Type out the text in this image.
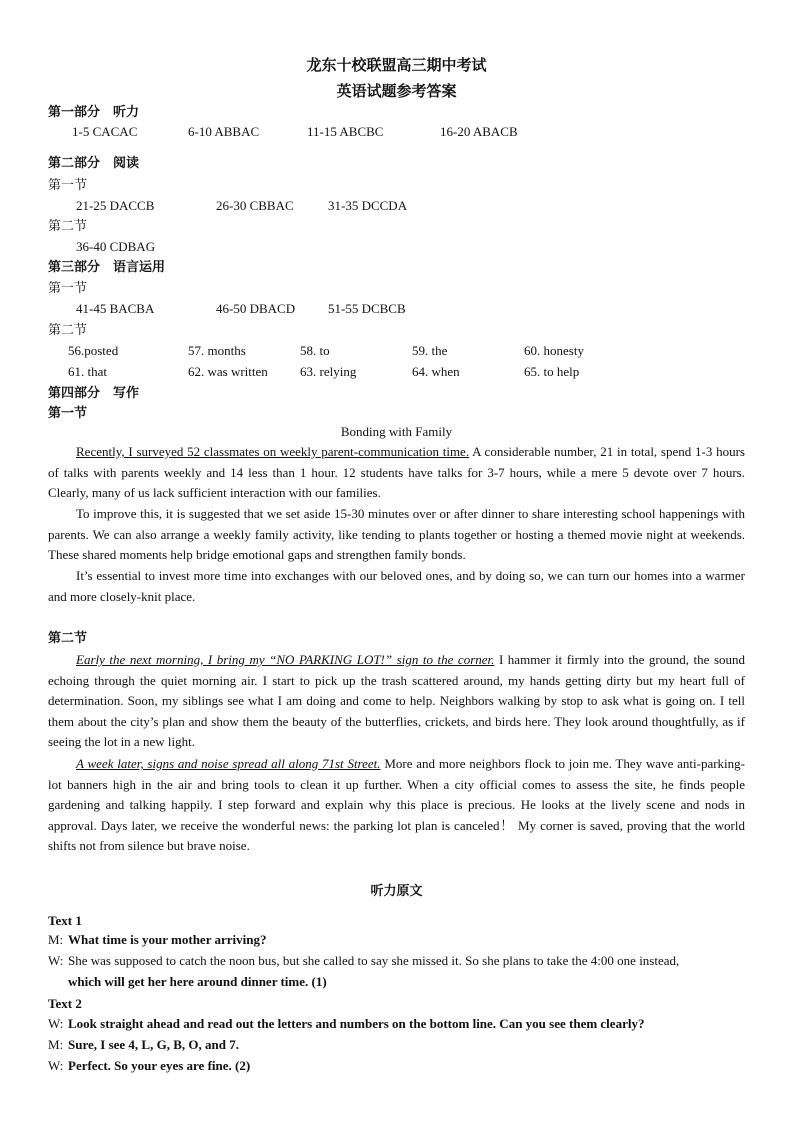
龙东十校联盟高三期中考试
英语试题参考答案
第一部分　听力
1-5 CACAC	6-10 ABBAC	11-15 ABCBC	16-20 ABACB
第二部分　阅读
第一节
21-25 DACCB	26-30 CBBAC	31-35 DCCDA
第二节
36-40 CDBAG
第三部分　语言运用
第一节
41-45 BACBA	46-50 DBACD	51-55 DCBCB
第二节
56.posted	57. months	58. to	59. the	60. honesty
61. that	62. was written 63. relying	64. when	65. to help
第四部分　写作
第一节
Bonding with Family
Recently, I surveyed 52 classmates on weekly parent-communication time. A considerable number, 21 in total, spend 1-3 hours of talks with parents weekly and 14 less than 1 hour. 12 students have talks for 3-7 hours, while a mere 5 devote over 7 hours. Clearly, many of us lack sufficient interaction with our families.
To improve this, it is suggested that we set aside 15-30 minutes over or after dinner to share interesting school happenings with parents. We can also arrange a weekly family activity, like tending to plants together or hosting a themed movie night at weekends. These shared moments help bridge emotional gaps and strengthen family bonds.
It’s essential to invest more time into exchanges with our beloved ones, and by doing so, we can turn our homes into a warmer and more closely-knit place.
第二节
Early the next morning, I bring my “NO PARKING LOT!” sign to the corner. I hammer it firmly into the ground, the sound echoing through the quiet morning air. I start to pick up the trash scattered around, my hands getting dirty but my heart full of determination. Soon, my siblings see what I am doing and come to help. Neighbors walking by stop to ask what is going on. I tell them about the city’s plan and show them the beauty of the butterflies, crickets, and birds here. They look around thoughtfully, as if seeing the lot in a new light.
A week later, signs and noise spread all along 71st Street. More and more neighbors flock to join me. They wave anti-parking-lot banners high in the air and bring tools to clean it up further. When a city official comes to assess the site, he finds people gardening and talking happily. I step forward and explain why this place is precious. He looks at the lively scene and nods in approval. Days later, we receive the wonderful news: the parking lot plan is canceled！ My corner is saved, proving that the world shifts not from silence but brave noise.
听力原文
Text 1
M: What time is your mother arriving?
W: She was supposed to catch the noon bus, but she called to say she missed it. So she plans to take the 4:00 one instead,
which will get her here around dinner time. (1)
Text 2
W: Look straight ahead and read out the letters and numbers on the bottom line. Can you see them clearly?
M: Sure, I see 4, L, G, B, O, and 7.
W: Perfect. So your eyes are fine. (2)
